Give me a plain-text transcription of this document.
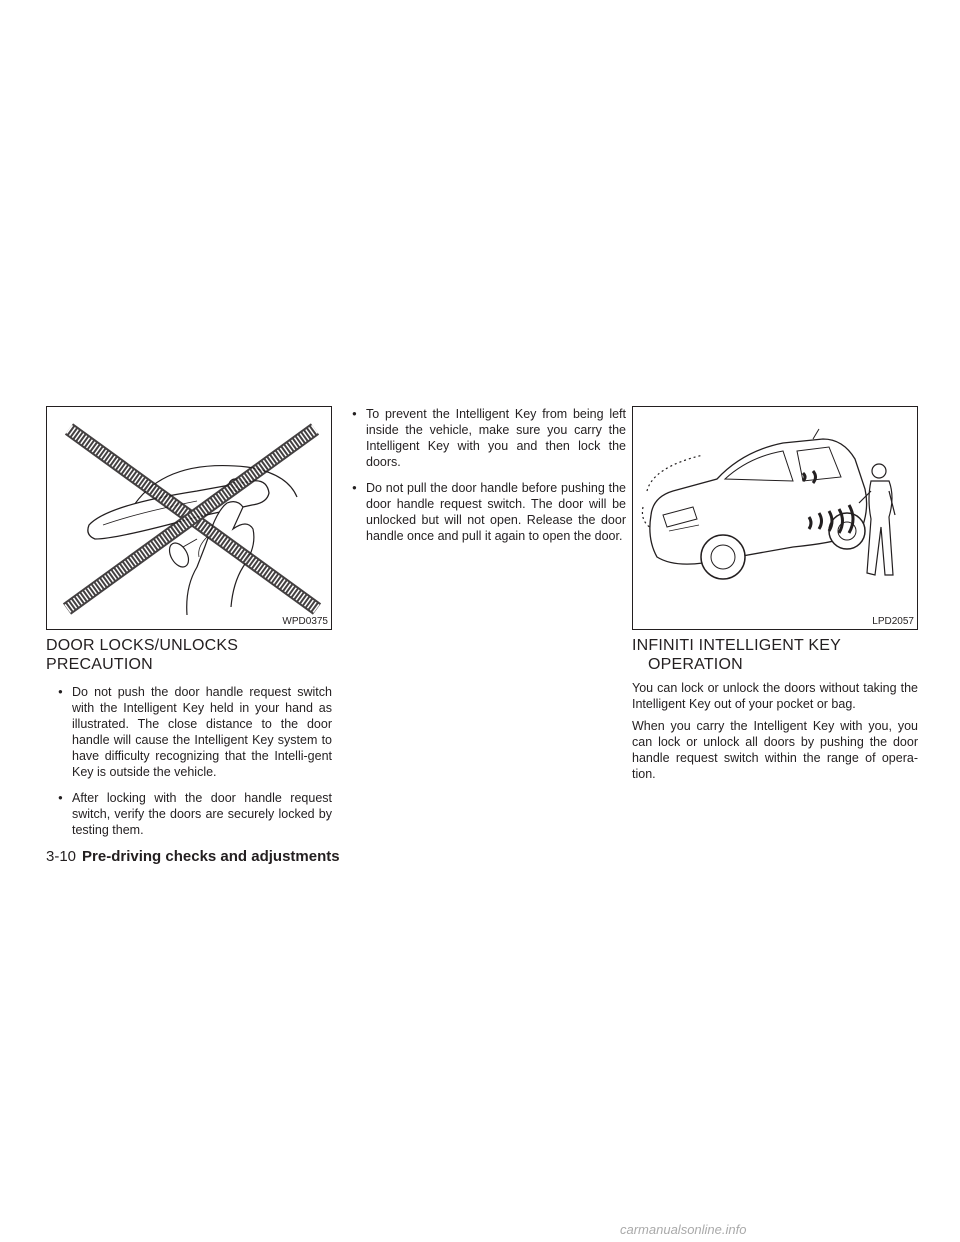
WPD0375	LPD2057
DOOR LOCKS/UNLOCKS
PRECAUTION
● Do not push the door handle request switch with the Intelligent Key held in your hand as illustrated. The close distance to the door handle will cause the Intelligent Key system to have difficulty recognizing that the Intelli-gent Key is outside the vehicle.
● After locking with the door handle request switch, verify the doors are securely locked by testing them.
● To prevent the Intelligent Key from being left inside the vehicle, make sure you carry the Intelligent Key with you and then lock the doors.
● Do not pull the door handle before pushing the door handle request switch. The door will be unlocked but will not open. Release the door handle once and pull it again to open the door.
INFINITI INTELLIGENT KEY
OPERATION

You can lock or unlock the doors without taking the Intelligent Key out of your pocket or bag.

When you carry the Intelligent Key with you, you can lock or unlock all doors by pushing the door handle request switch within the range of opera-tion.

3-10 Pre-driving checks and adjustments
carmanualsonline.info
